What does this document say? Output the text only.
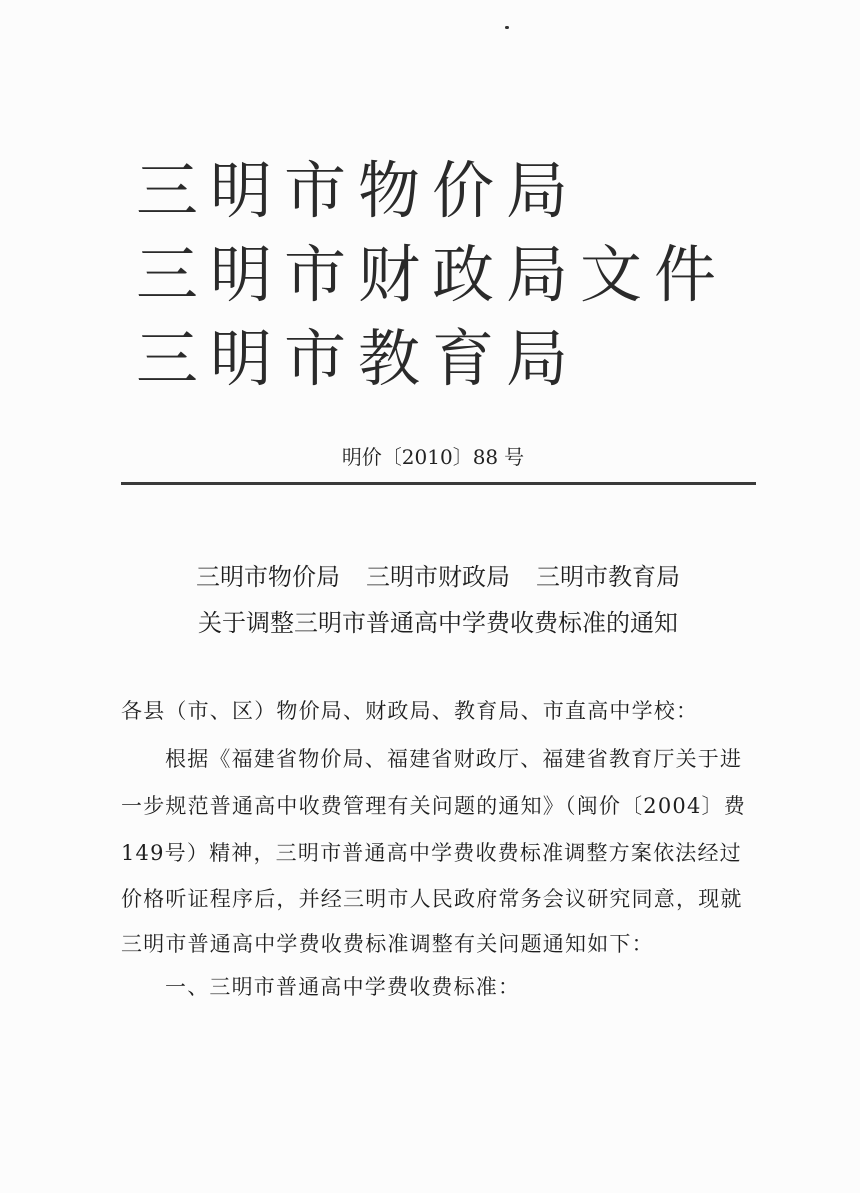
三明市物价局
三明市财政局文件
三明市教育局
明价〔2010〕88 号
三明市物价局 三明市财政局 三明市教育局
关于调整三明市普通高中学费收费标准的通知
各县（市、区）物价局、财政局、教育局、市直高中学校：
根据《福建省物价局、福建省财政厅、福建省教育厅关于进
一步规范普通高中收费管理有关问题的通知》（闽价〔2004〕费
149号）精神，三明市普通高中学费收费标准调整方案依法经过
价格听证程序后，并经三明市人民政府常务会议研究同意，现就
三明市普通高中学费收费标准调整有关问题通知如下：
一、三明市普通高中学费收费标准：
